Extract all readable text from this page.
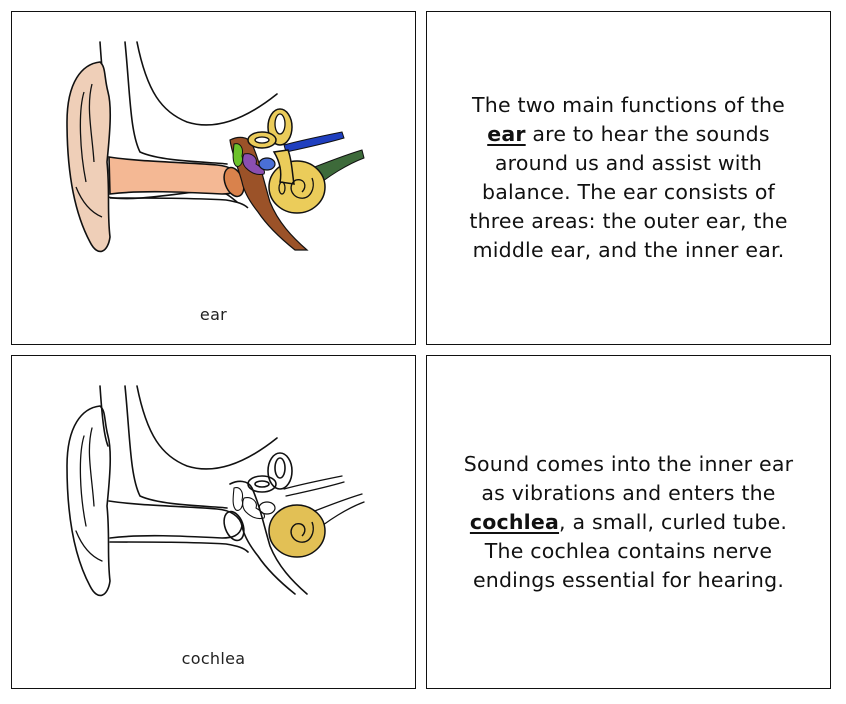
ear
The two main functions of the ear are to hear the sounds around us and assist with balance. The ear consists of three areas: the outer ear, the middle ear, and the inner ear.
cochlea
Sound comes into the inner ear as vibrations and enters the cochlea, a small, curled tube. The cochlea contains nerve endings essential for hearing.
